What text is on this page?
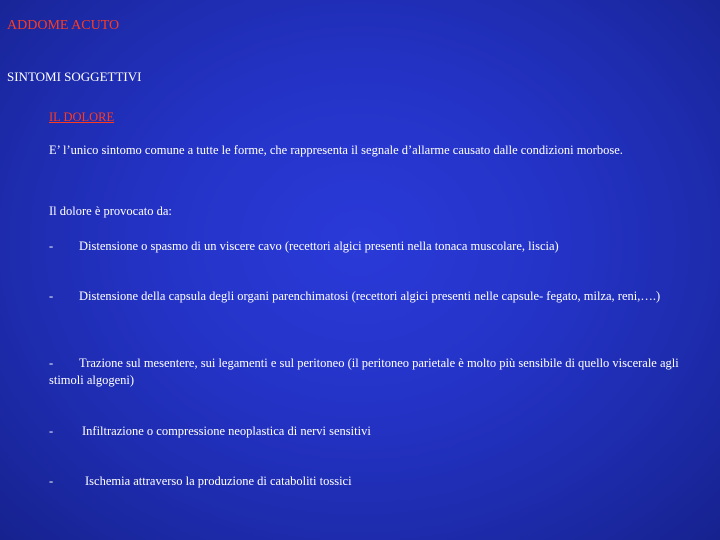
ADDOME ACUTO
SINTOMI SOGGETTIVI
IL DOLORE
E’ l’unico sintomo comune a tutte le forme, che rappresenta il segnale d’allarme causato dalle condizioni morbose.
Il dolore è provocato da:
- Distensione o spasmo di un viscere cavo (recettori algici presenti nella tonaca muscolare, liscia)
- Distensione della capsula degli organi parenchimatosi (recettori algici presenti nelle capsule- fegato, milza, reni,….)
- Trazione sul mesentere, sui legamenti e sul peritoneo (il peritoneo parietale è molto più sensibile di quello viscerale agli stimoli algogeni)
- Infiltrazione o compressione neoplastica di nervi sensitivi
-	Ischemia attraverso la produzione di cataboliti tossici
